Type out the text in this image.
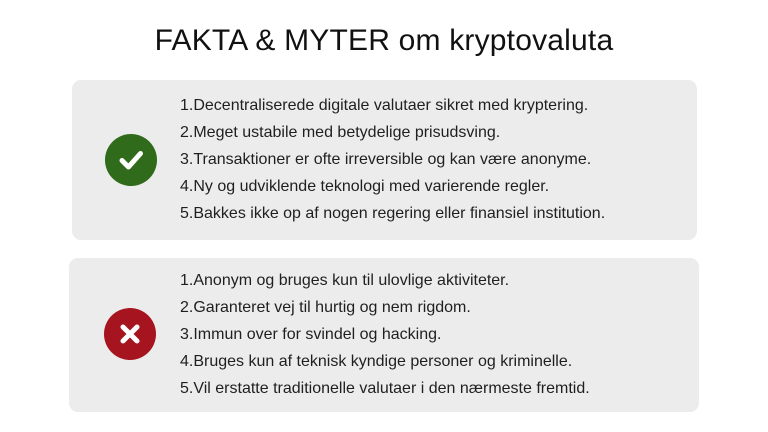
FAKTA & MYTER om kryptovaluta
1.Decentraliserede digitale valutaer sikret med kryptering.
2.Meget ustabile med betydelige prisudsving.
3.Transaktioner er ofte irreversible og kan være anonyme.
4.Ny og udviklende teknologi med varierende regler.
5.Bakkes ikke op af nogen regering eller finansiel institution.
1.Anonym og bruges kun til ulovlige aktiviteter.
2.Garanteret vej til hurtig og nem rigdom.
3.Immun over for svindel og hacking.
4.Bruges kun af teknisk kyndige personer og kriminelle.
5.Vil erstatte traditionelle valutaer i den nærmeste fremtid.
